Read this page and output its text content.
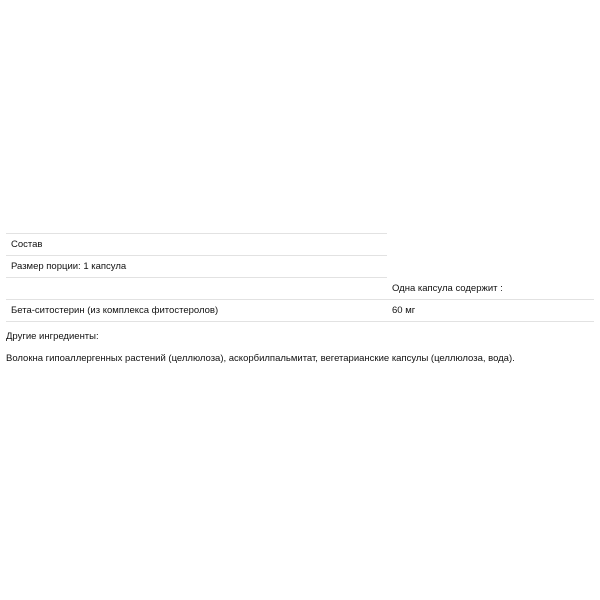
Состав
Размер порции: 1 капсула
Одна капсула содержит :
Бета-ситостерин (из комплекса фитостеролов)	60 мг
Другие ингредиенты:
Волокна гипоаллергенных растений (целлюлоза), аскорбилпальмитат, вегетарианские капсулы (целлюлоза, вода).
